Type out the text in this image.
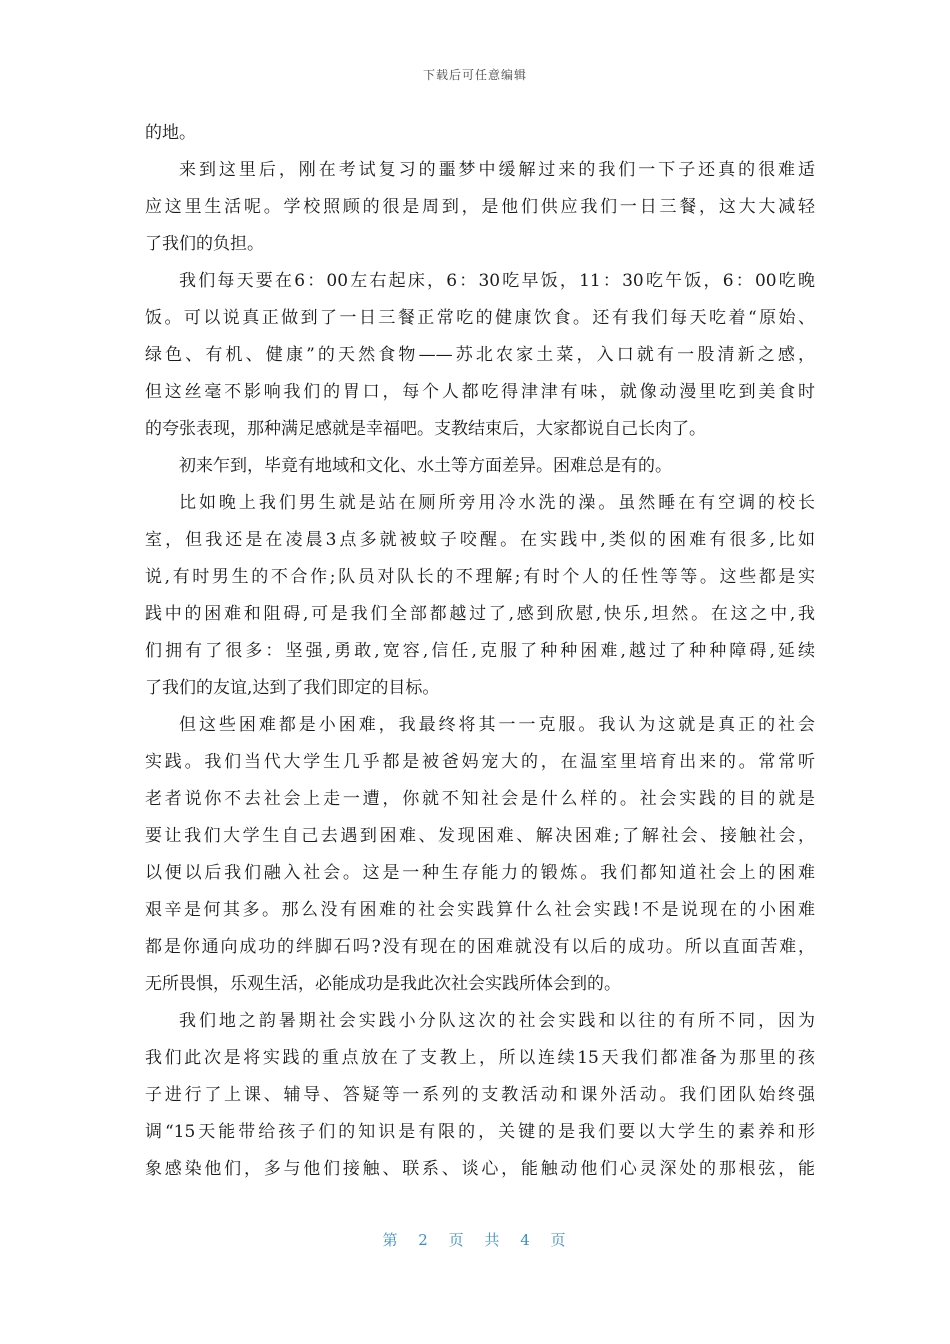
下载后可任意编辑
的地。
来到这里后，刚在考试复习的噩梦中缓解过来的我们一下子还真的很难适
应这里生活呢。学校照顾的很是周到，是他们供应我们一日三餐，这大大减轻
了我们的负担。
我们每天要在6：00左右起床，6：30吃早饭，11：30吃午饭，6：00吃晚
饭。可以说真正做到了一日三餐正常吃的健康饮食。还有我们每天吃着“原始、
绿色、有机、健康”的天然食物——苏北农家土菜，入口就有一股清新之感，
但这丝毫不影响我们的胃口，每个人都吃得津津有味，就像动漫里吃到美食时
的夸张表现，那种满足感就是幸福吧。支教结束后，大家都说自己长肉了。
初来乍到，毕竟有地域和文化、水土等方面差异。困难总是有的。
比如晚上我们男生就是站在厕所旁用冷水洗的澡。虽然睡在有空调的校长
室，但我还是在凌晨3点多就被蚊子咬醒。在实践中,类似的困难有很多,比如
说,有时男生的不合作;队员对队长的不理解;有时个人的任性等等。这些都是实
践中的困难和阻碍,可是我们全部都越过了,感到欣慰,快乐,坦然。在这之中,我
们拥有了很多：坚强,勇敢,宽容,信任,克服了种种困难,越过了种种障碍,延续
了我们的友谊,达到了我们即定的目标。
但这些困难都是小困难，我最终将其一一克服。我认为这就是真正的社会
实践。我们当代大学生几乎都是被爸妈宠大的，在温室里培育出来的。常常听
老者说你不去社会上走一遭，你就不知社会是什么样的。社会实践的目的就是
要让我们大学生自己去遇到困难、发现困难、解决困难;了解社会、接触社会，
以便以后我们融入社会。这是一种生存能力的锻炼。我们都知道社会上的困难
艰辛是何其多。那么没有困难的社会实践算什么社会实践!不是说现在的小困难
都是你通向成功的绊脚石吗?没有现在的困难就没有以后的成功。所以直面苦难，
无所畏惧，乐观生活，必能成功是我此次社会实践所体会到的。
我们地之韵暑期社会实践小分队这次的社会实践和以往的有所不同，因为
我们此次是将实践的重点放在了支教上，所以连续15天我们都准备为那里的孩
子进行了上课、辅导、答疑等一系列的支教活动和课外活动。我们团队始终强
调“15天能带给孩子们的知识是有限的，关键的是我们要以大学生的素养和形
象感染他们，多与他们接触、联系、谈心，能触动他们心灵深处的那根弦，能
第 2 页 共 4 页
